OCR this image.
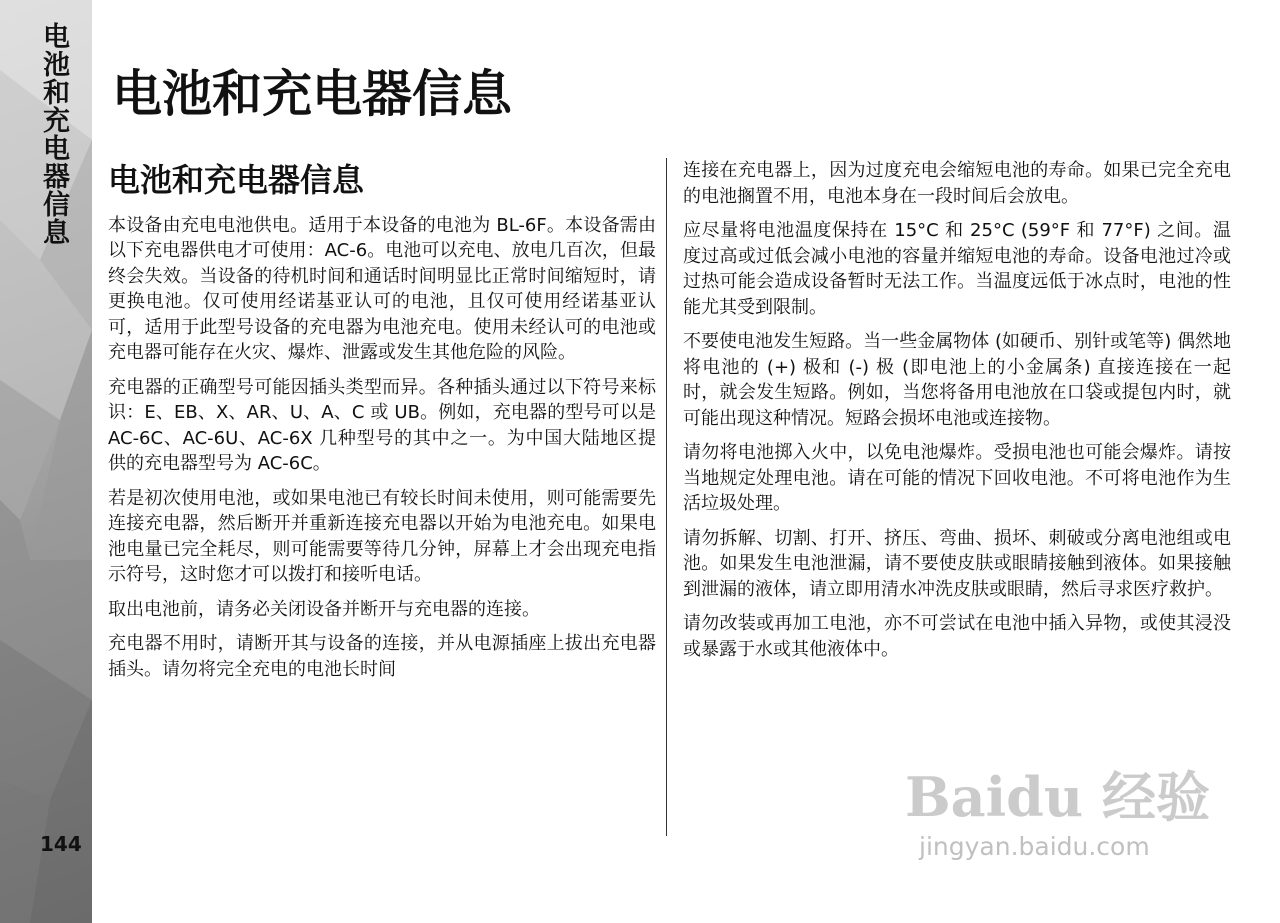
电池和充电器信息
144
电池和充电器信息
电池和充电器信息

本设备由充电电池供电。适用于本设备的电池为 BL-6F。本设备需由以下充电器供电才可使用：AC-6。电池可以充电、放电几百次，但最终会失效。当设备的待机时间和通话时间明显比正常时间缩短时，请更换电池。仅可使用经诺基亚认可的电池，且仅可使用经诺基亚认可，适用于此型号设备的充电器为电池充电。使用未经认可的电池或充电器可能存在火灾、爆炸、泄露或发生其他危险的风险。

充电器的正确型号可能因插头类型而异。各种插头通过以下符号来标识：E、EB、X、AR、U、A、C 或 UB。例如，充电器的型号可以是 AC-6C、AC-6U、AC-6X 几种型号的其中之一。为中国大陆地区提供的充电器型号为 AC-6C。

若是初次使用电池，或如果电池已有较长时间未使用，则可能需要先连接充电器，然后断开并重新连接充电器以开始为电池充电。如果电池电量已完全耗尽，则可能需要等待几分钟，屏幕上才会出现充电指示符号，这时您才可以拨打和接听电话。

取出电池前，请务必关闭设备并断开与充电器的连接。

充电器不用时，请断开其与设备的连接，并从电源插座上拔出充电器插头。请勿将完全充电的电池长时间

连接在充电器上，因为过度充电会缩短电池的寿命。如果已完全充电的电池搁置不用，电池本身在一段时间后会放电。

应尽量将电池温度保持在 15°C 和 25°C (59°F 和 77°F) 之间。温度过高或过低会减小电池的容量并缩短电池的寿命。设备电池过冷或过热可能会造成设备暂时无法工作。当温度远低于冰点时，电池的性能尤其受到限制。

不要使电池发生短路。当一些金属物体 (如硬币、别针或笔等) 偶然地将电池的 (+) 极和 (-) 极 (即电池上的小金属条) 直接连接在一起时，就会发生短路。例如，当您将备用电池放在口袋或提包内时，就可能出现这种情况。短路会损坏电池或连接物。

请勿将电池掷入火中，以免电池爆炸。受损电池也可能会爆炸。请按当地规定处理电池。请在可能的情况下回收电池。不可将电池作为生活垃圾处理。

请勿拆解、切割、打开、挤压、弯曲、损坏、刺破或分离电池组或电池。如果发生电池泄漏，请不要使皮肤或眼睛接触到液体。如果接触到泄漏的液体，请立即用清水冲洗皮肤或眼睛，然后寻求医疗救护。

请勿改装或再加工电池，亦不可尝试在电池中插入异物，或使其浸没或暴露于水或其他液体中。

Baidu 经验
jingyan.baidu.com
